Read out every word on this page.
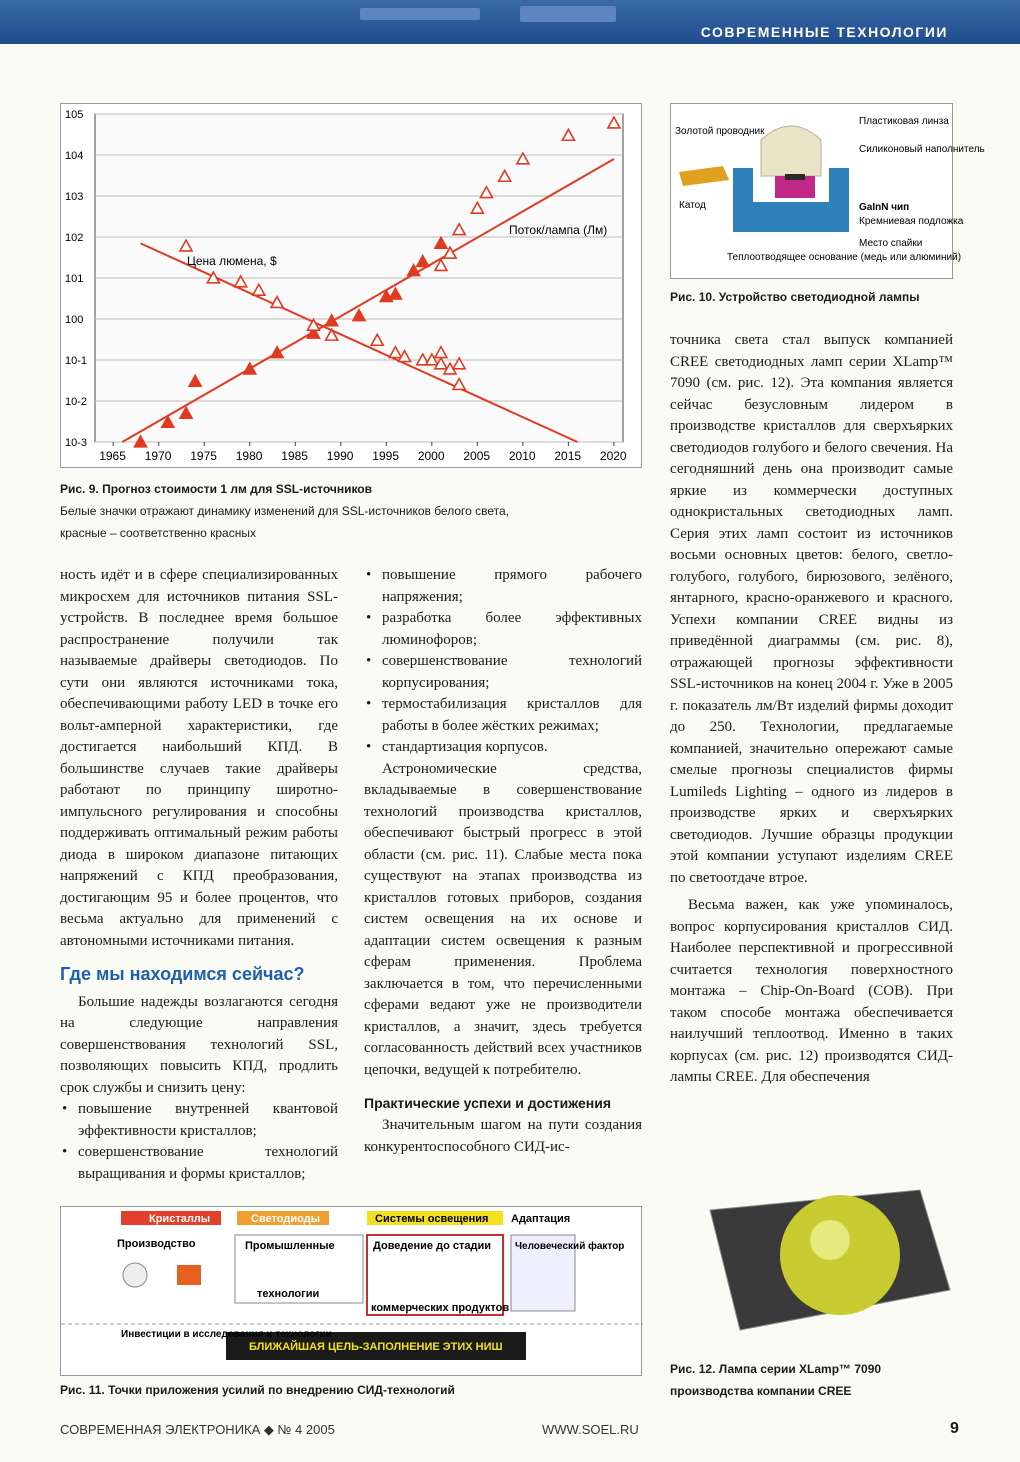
СОВРЕМЕННЫЕ ТЕХНОЛОГИИ
10-3
10-2
10-1
100
101
102
103
104
105
1965 1970 1975 1980 1985 1990 1995 2000 2005 2010 2015 2020
Цена люмена, $
Поток/лампа (Лм)
Рис. 9. Прогноз стоимости 1 лм для SSL-источников
Белые значки отражают динамику изменений для SSL-источников белого света,
красные – соответственно красных
Золотой проводник
Катод
Пластиковая линза
Силиконовый наполнитель
GaInN чип
Кремниевая подложка
Место спайки
Теплоотводящее основание (медь или алюминий)
Рис. 10. Устройство светодиодной лампы

ность идёт и в сфере специализированных микросхем для источников питания SSL-устройств. В последнее время большое распространение получили так называемые драйверы светодиодов. По сути они являются источниками тока, обеспечивающими работу LED в точке его вольт-амперной характеристики, где достигается наибольший КПД. В большинстве случаев такие драйверы работают по принципу широтно-импульсного регулирования и способны поддерживать оптимальный режим работы диода в широком диапазоне питающих напряжений с КПД преобразования, достигающим 95 и более процентов, что весьма актуально для применений с автономными источниками питания.

Где мы находимся сейчас?

Большие надежды возлагаются сегодня на следующие направления совершенствования технологий SSL, позволяющих повысить КПД, продлить срок службы и снизить цену:

• повышение внутренней квантовой эффективности кристаллов;
• совершенствование технологий выращивания и формы кристаллов;
• повышение прямого рабочего напряжения;
• разработка более эффективных люминофоров;
• совершенствование технологий корпусирования;
• термостабилизация кристаллов для работы в более жёстких режимах;
• стандартизация корпусов.

Астрономические средства, вкладываемые в совершенствование технологий производства кристаллов, обеспечивают быстрый прогресс в этой области (см. рис. 11). Слабые места пока существуют на этапах производства из кристаллов готовых приборов, создания систем освещения на их основе и адаптации систем освещения к разным сферам применения. Проблема заключается в том, что перечисленными сферами ведают уже не производители кристаллов, а значит, здесь требуется согласованность действий всех участников цепочки, ведущей к потребителю.

Практические успехи и достижения

Значительным шагом на пути создания конкурентоспособного СИД-ис-

точника света стал выпуск компанией CREE светодиодных ламп серии XLamp™ 7090 (см. рис. 12). Эта компания является сейчас безусловным лидером в производстве кристаллов для сверхъярких светодиодов голубого и белого свечения. На сегодняшний день она производит самые яркие из коммерчески доступных однокристальных светодиодных ламп. Серия этих ламп состоит из источников восьми основных цветов: белого, светло-голубого, голубого, бирюзового, зелёного, янтарного, красно-оранжевого и красного. Успехи компании CREE видны из приведённой диаграммы (см. рис. 8), отражающей прогнозы эффективности SSL-источников на конец 2004 г. Уже в 2005 г. показатель лм/Вт изделий фирмы доходит до 250. Технологии, предлагаемые компанией, значительно опережают самые смелые прогнозы специалистов фирмы Lumileds Lighting – одного из лидеров в производстве ярких и сверхъярких светодиодов. Лучшие образцы продукции этой компании уступают изделиям CREE по светоотдаче втрое.

Весьма важен, как уже упоминалось, вопрос корпусирования кристаллов СИД. Наиболее перспективной и прогрессивной считается технология поверхностного монтажа – Chip-On-Board (COB). При таком способе монтажа обеспечивается наилучший теплоотвод. Именно в таких корпусах (см. рис. 12) производятся СИД-лампы CREE. Для обеспечения

Кристаллы	Светодиоды	Системы освещения Адаптация
Производство	Промышленные
технологии
Доведение до стадии
коммерческих продуктов
Человеческий фактор
БЛИЖАЙШАЯ ЦЕЛЬ-ЗАПОЛНЕНИЕ ЭТИХ НИШ
Инвестиции в исследования и технологии
Рис. 11. Точки приложения усилий по внедрению СИД-технологий
Рис. 12. Лампа серии XLamp™ 7090
производства компании CREE
СОВРЕМЕННАЯ ЭЛЕКТРОНИКА ◆ № 4 2005	WWW.SOEL.RU	9
